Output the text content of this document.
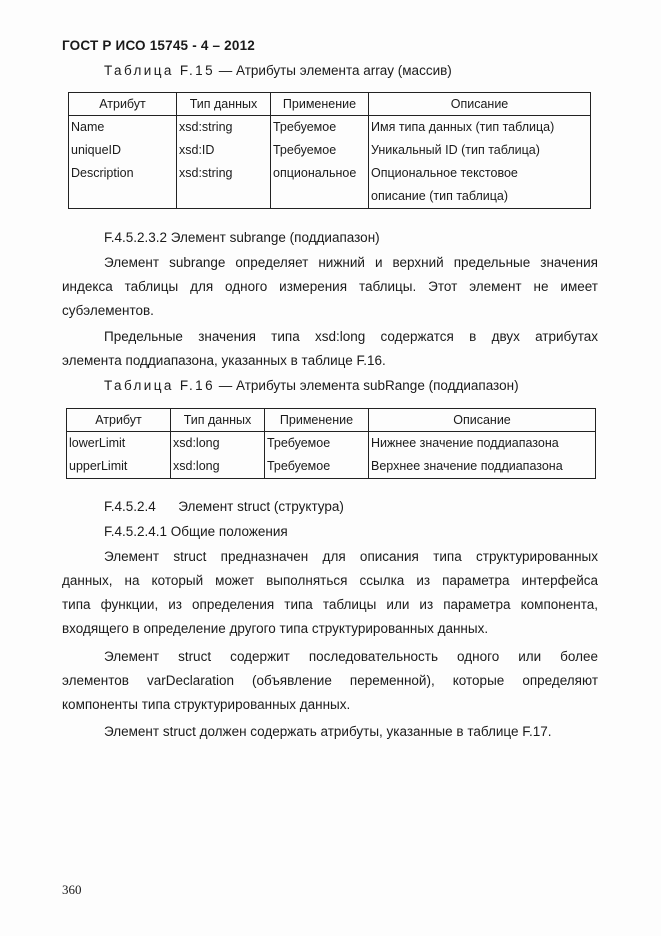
ГОСТ Р ИСО 15745 - 4 – 2012
Таблица F.15 — Атрибуты элемента array (массив)
Атрибут	Тип данных	Применение	Описание

Name	xsd:string	Требуемое	Имя типа данных (тип таблица)

uniqueID	xsd:ID	Требуемое	Уникальный ID (тип таблица)

Description	xsd:string	опциональное	Опциональное текстовое

			описание (тип таблица)
F.4.5.2.3.2 Элемент subrange (поддиапазон)
Элемент subrange определяет нижний и верхний предельные значения
индекса таблицы для одного измерения таблицы. Этот элемент не имеет
субэлементов.
Предельные значения типа xsd:long содержатся в двух атрибутах
элемента поддиапазона, указанных в таблице F.16.
Таблица F.16 — Атрибуты элемента subRange (поддиапазон)
Атрибут	Тип данных	Применение	Описание

lowerLimit	xsd:long	Требуемое	Нижнее значение поддиапазона

upperLimit	xsd:long	Требуемое	Верхнее значение поддиапазона
F.4.5.2.4      Элемент struct (структура)
F.4.5.2.4.1 Общие положения
Элемент struct предназначен для описания типа структурированных
данных, на который может выполняться ссылка из параметра интерфейса
типа функции, из определения типа таблицы или из параметра компонента,
входящего в определение другого типа структурированных данных.
Элемент struct содержит последовательность одного или более
элементов varDeclaration (объявление переменной), которые определяют
компоненты типа структурированных данных.
Элемент struct должен содержать атрибуты, указанные в таблице F.17.
360
